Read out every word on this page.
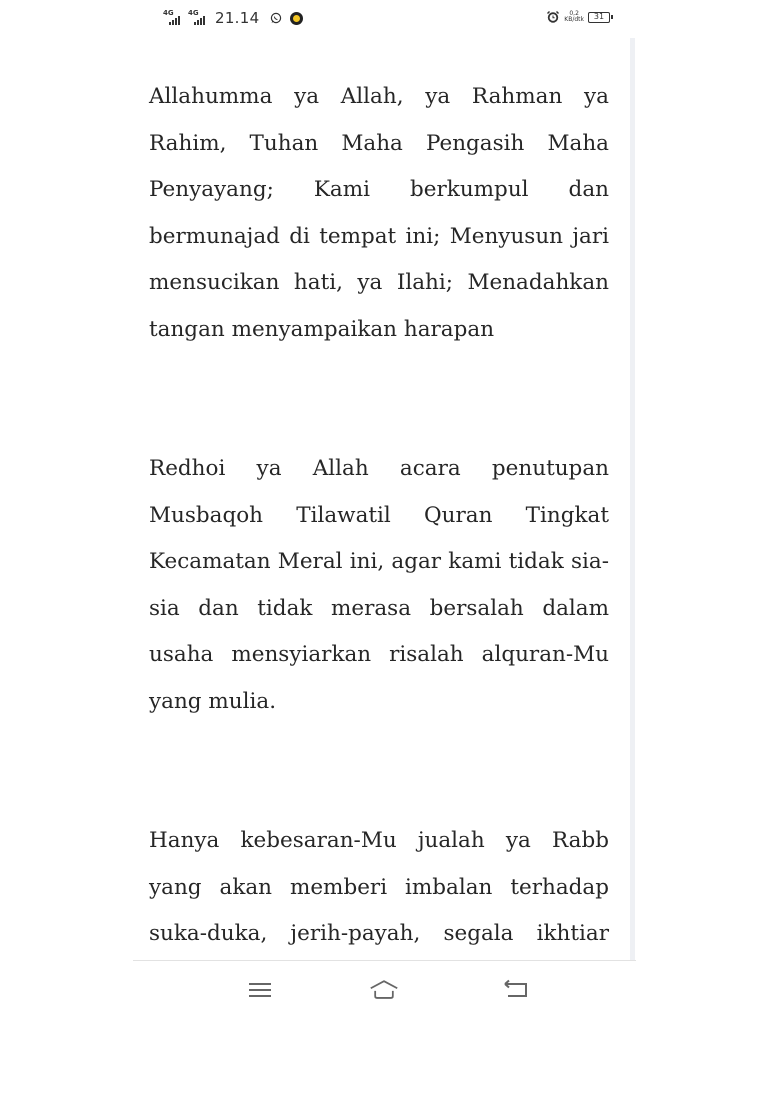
4G 4G 21.14	0,2
KB/dtk	31

Allahumma ya Allah, ya Rahman ya Rahim, Tuhan Maha Pengasih Maha Penyayang; Kami berkumpul dan bermunajad di tempat ini; Menyusun jari mensucikan hati, ya Ilahi; Menadahkan tangan menyampaikan harapan

Redhoi ya Allah acara penutupan Musbaqoh Tilawatil Quran Tingkat Kecamatan Meral ini, agar kami tidak sia-sia dan tidak merasa bersalah dalam usaha mensyiarkan risalah alquran-Mu yang mulia.

Hanya kebesaran-Mu jualah ya Rabb yang akan memberi imbalan terhadap suka-duka, jerih-payah, segala ikhtiar
